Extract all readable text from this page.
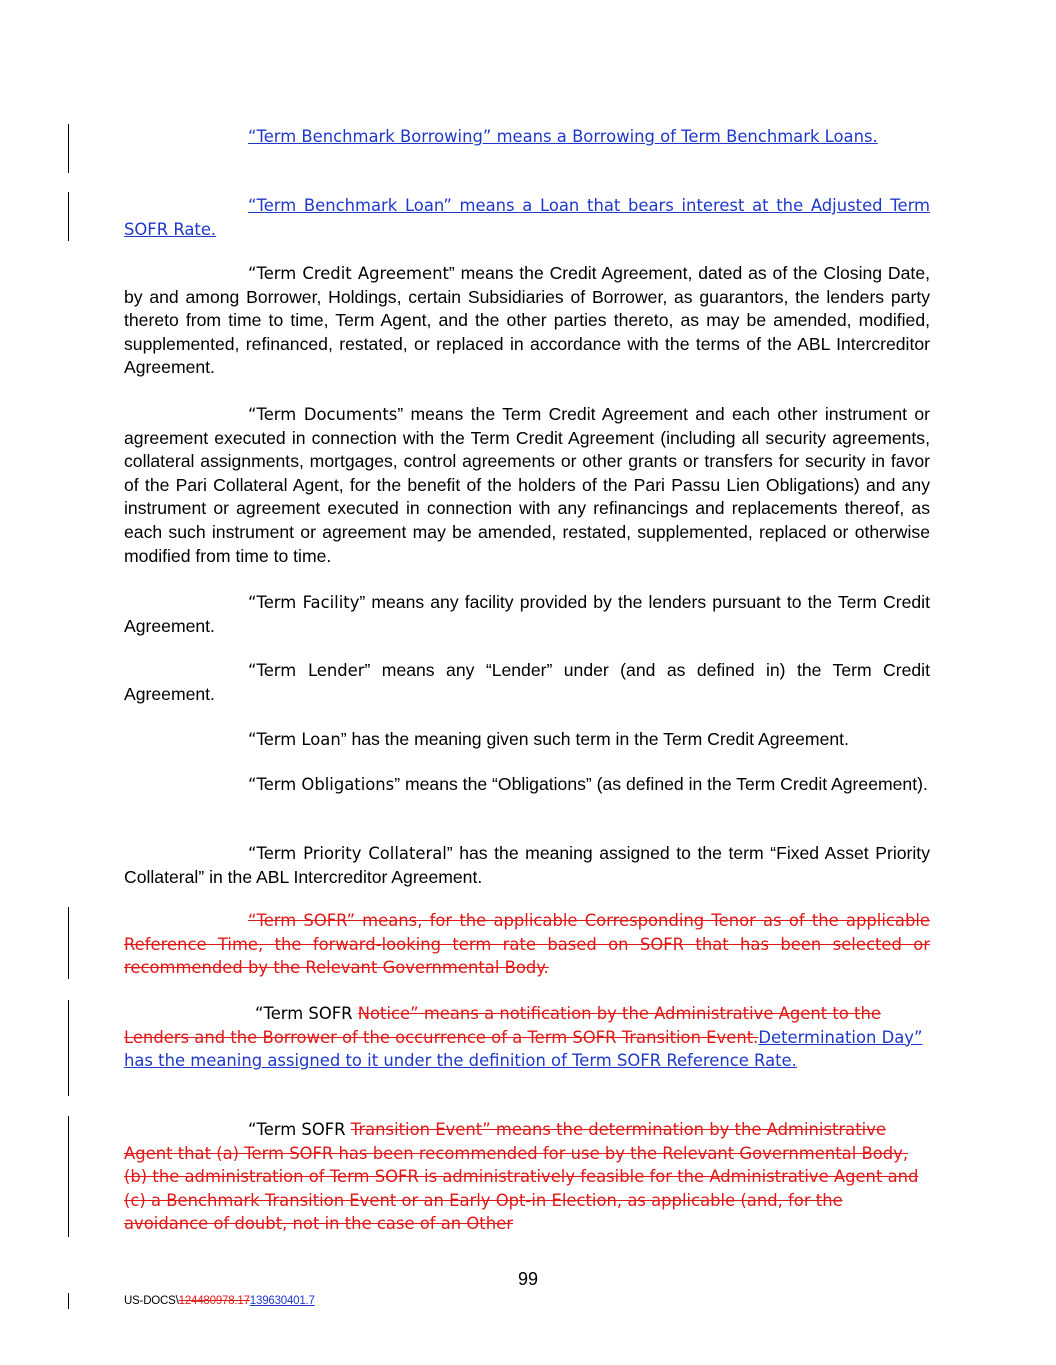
“Term Benchmark Borrowing” means a Borrowing of Term Benchmark Loans.

“Term Benchmark Loan” means a Loan that bears interest at the Adjusted Term SOFR Rate.

“Term Credit Agreement” means the Credit Agreement, dated as of the Closing Date, by and among Borrower, Holdings, certain Subsidiaries of Borrower, as guarantors, the lenders party thereto from time to time, Term Agent, and the other parties thereto, as may be amended, modified, supplemented, refinanced, restated, or replaced in accordance with the terms of the ABL Intercreditor Agreement.

“Term Documents” means the Term Credit Agreement and each other instrument or agreement executed in connection with the Term Credit Agreement (including all security agreements, collateral assignments, mortgages, control agreements or other grants or transfers for security in favor of the Pari Collateral Agent, for the benefit of the holders of the Pari Passu Lien Obligations) and any instrument or agreement executed in connection with any refinancings and replacements thereof, as each such instrument or agreement may be amended, restated, supplemented, replaced or otherwise modified from time to time.

“Term Facility” means any facility provided by the lenders pursuant to the Term Credit Agreement.

“Term Lender” means any “Lender” under (and as defined in) the Term Credit Agreement.

“Term Loan” has the meaning given such term in the Term Credit Agreement.

“Term Obligations” means the “Obligations” (as defined in the Term Credit Agreement).

“Term Priority Collateral” has the meaning assigned to the term “Fixed Asset Priority Collateral” in the ABL Intercreditor Agreement.

“Term SOFR” means, for the applicable Corresponding Tenor as of the applicable Reference Time, the forward-looking term rate based on SOFR that has been selected or recommended by the Relevant Governmental Body.

“Term SOFR Notice” means a notification by the Administrative Agent to the Lenders and the Borrower of the occurrence of a Term SOFR Transition Event.Determination Day” has the meaning assigned to it under the definition of Term SOFR Reference Rate.

“Term SOFR Transition Event” means the determination by the Administrative Agent that (a) Term SOFR has been recommended for use by the Relevant Governmental Body, (b) the administration of Term SOFR is administratively feasible for the Administrative Agent and (c) a Benchmark Transition Event or an Early Opt-in Election, as applicable (and, for the avoidance of doubt, not in the case of an Other

99
US-DOCS\124480978.17139630401.7
